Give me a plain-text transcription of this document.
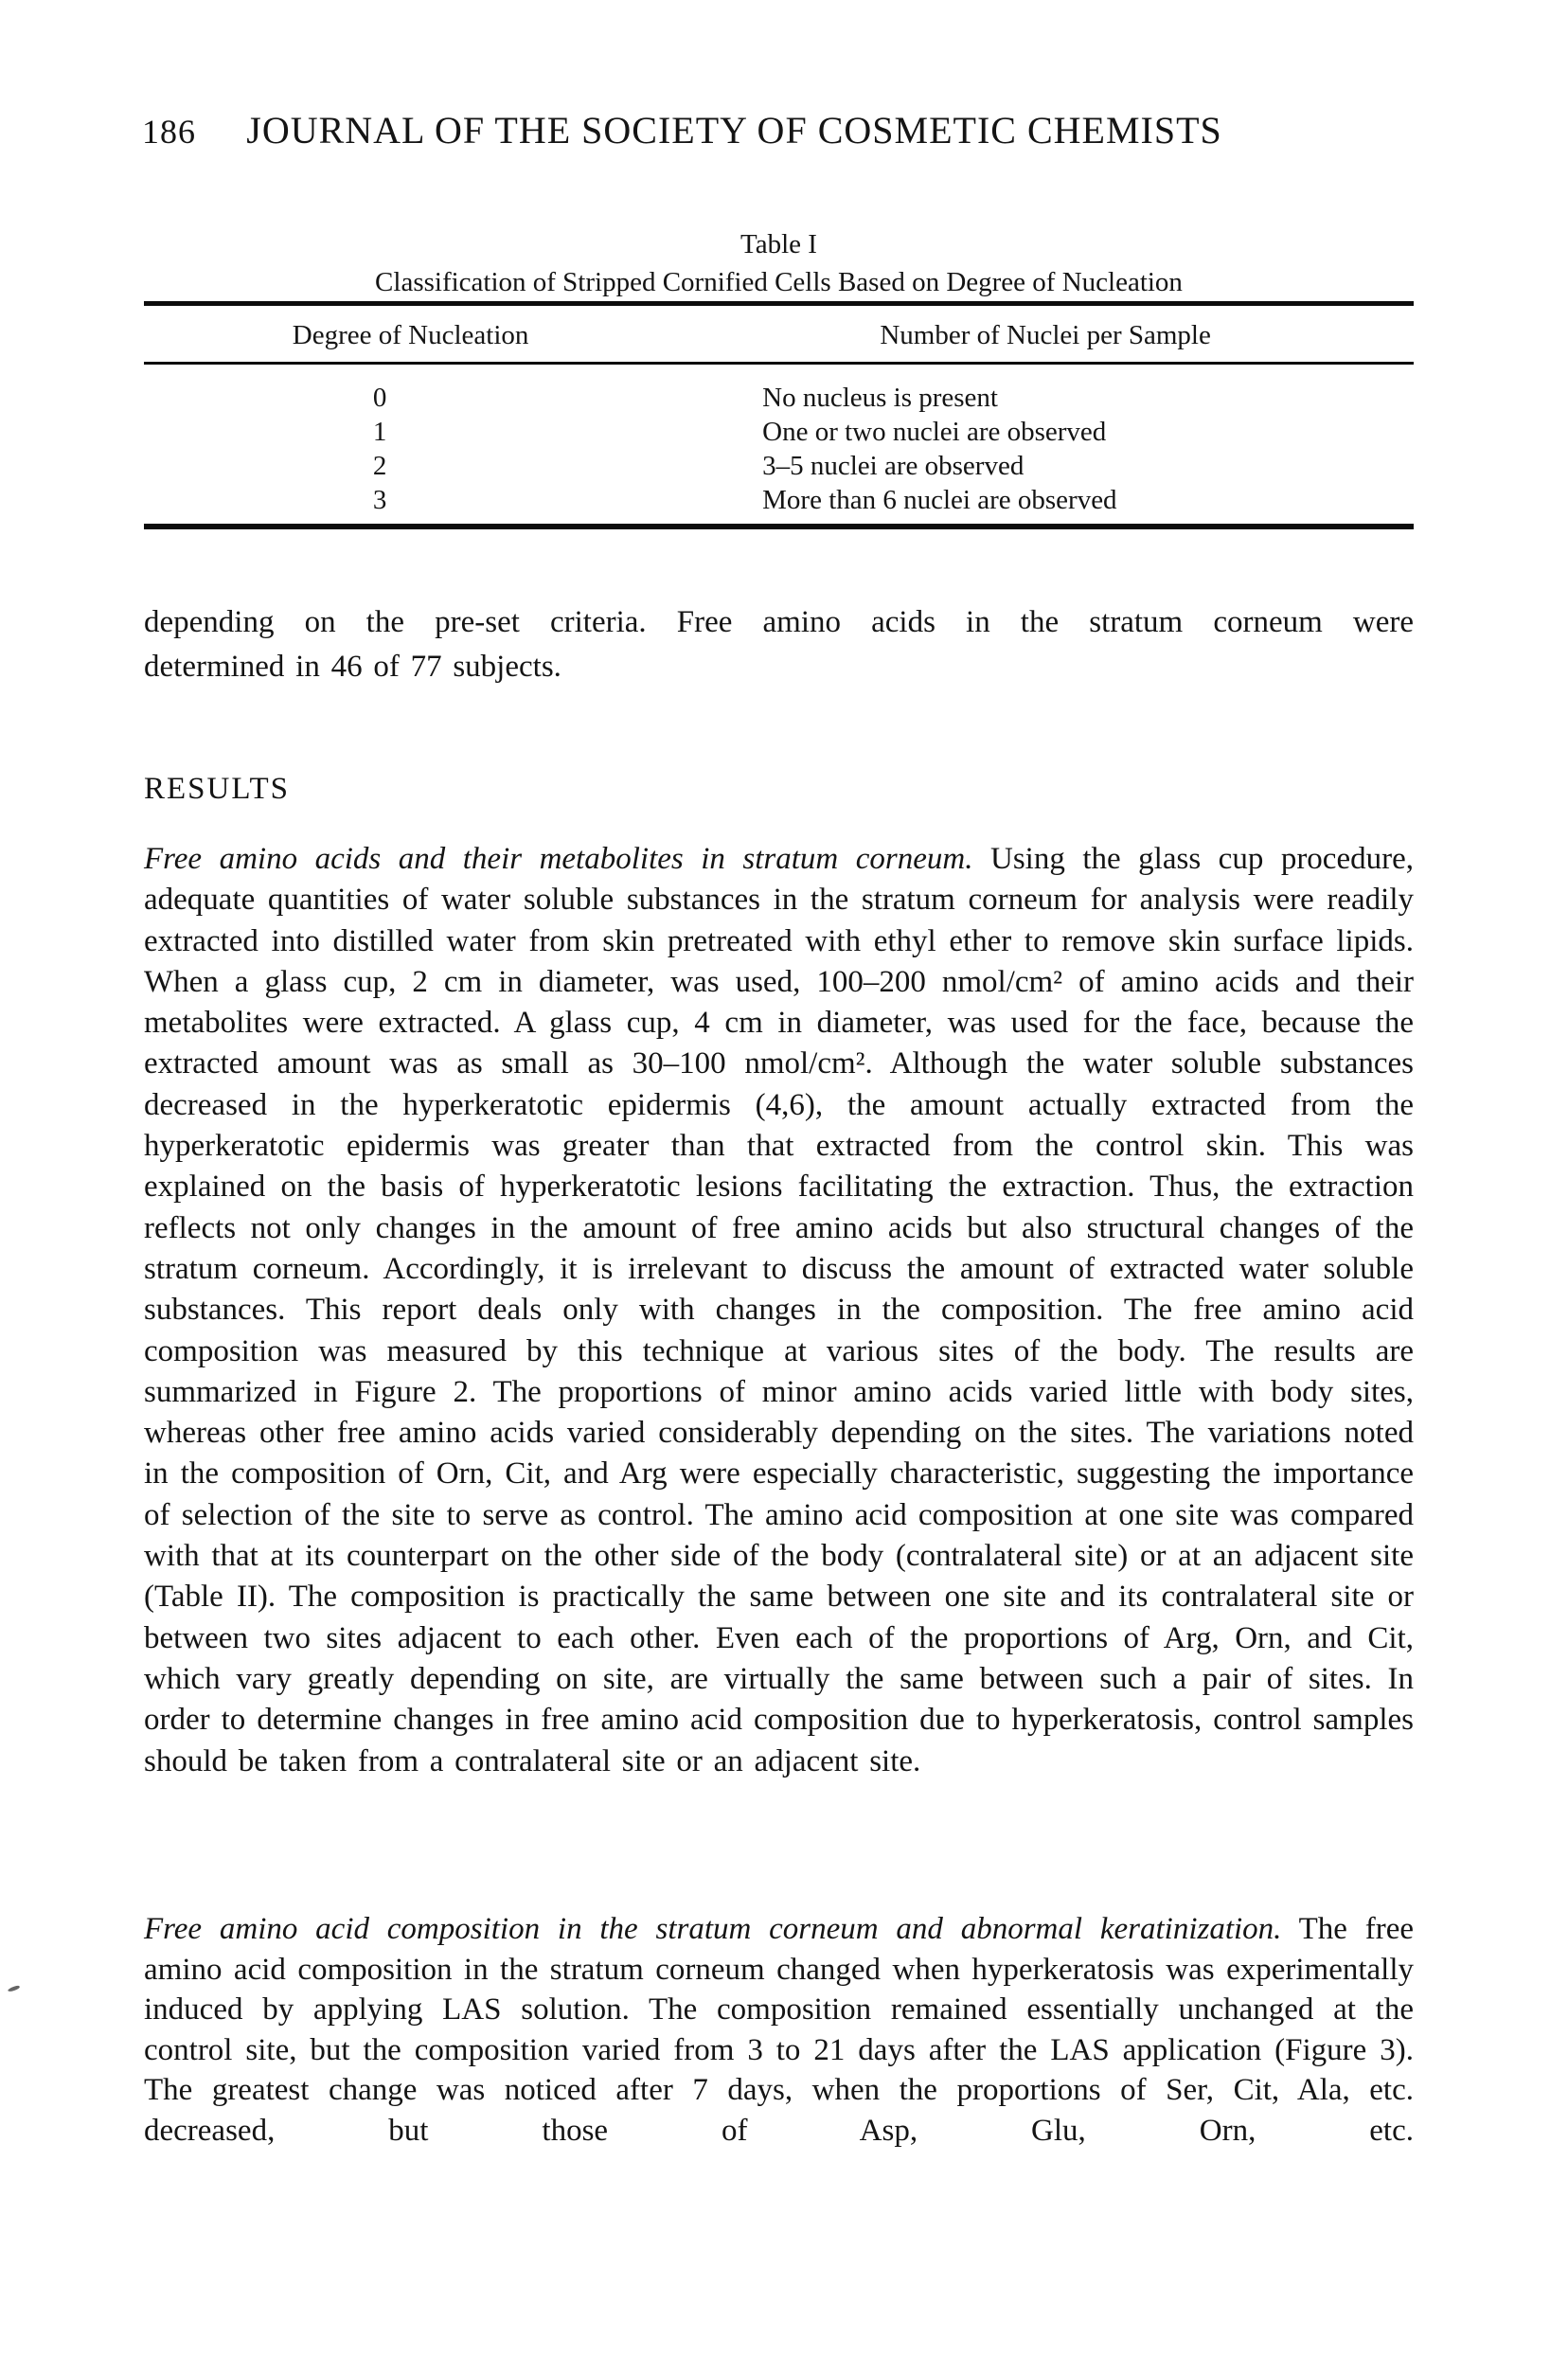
186	JOURNAL OF THE SOCIETY OF COSMETIC CHEMISTS
Table I
Classification of Stripped Cornified Cells Based on Degree of Nucleation
Degree of Nucleation	Number of Nuclei per Sample
0	No nucleus is present
1	One or two nuclei are observed
2	3–5 nuclei are observed
3	More than 6 nuclei are observed
depending on the pre-set criteria. Free amino acids in the stratum corneum were
determined in 46 of 77 subjects.
RESULTS

Free amino acids and their metabolites in stratum corneum. Using the glass cup procedure, adequate quantities of water soluble substances in the stratum corneum for analysis were readily extracted into distilled water from skin pretreated with ethyl ether to remove skin surface lipids. When a glass cup, 2 cm in diameter, was used, 100–200 nmol/cm² of amino acids and their metabolites were extracted. A glass cup, 4 cm in diameter, was used for the face, because the extracted amount was as small as 30–100 nmol/cm². Although the water soluble substances decreased in the hyperkeratotic epidermis (4,6), the amount actually extracted from the hyperkeratotic epidermis was greater than that extracted from the control skin. This was explained on the basis of hyperkeratotic lesions facilitating the extraction. Thus, the extraction reflects not only changes in the amount of free amino acids but also structural changes of the stratum corneum. Accordingly, it is irrelevant to discuss the amount of extracted water soluble substances. This report deals only with changes in the composition. The free amino acid composition was measured by this technique at various sites of the body. The results are summarized in Figure 2. The proportions of minor amino acids varied little with body sites, whereas other free amino acids varied considerably depending on the sites. The variations noted in the composition of Orn, Cit, and Arg were especially characteristic, suggesting the importance of selection of the site to serve as control. The amino acid composition at one site was compared with that at its counterpart on the other side of the body (contralateral site) or at an adjacent site (Table II). The composition is practically the same between one site and its contralateral site or between two sites adjacent to each other. Even each of the proportions of Arg, Orn, and Cit, which vary greatly depending on site, are virtually the same between such a pair of sites. In order to determine changes in free amino acid composition due to hyperkeratosis, control samples should be taken from a contralateral site or an adjacent site.

Free amino acid composition in the stratum corneum and abnormal keratinization. The free amino acid composition in the stratum corneum changed when hyperkeratosis was experimentally induced by applying LAS solution. The composition remained essentially unchanged at the control site, but the composition varied from 3 to 21 days after the LAS application (Figure 3). The greatest change was noticed after 7 days, when the proportions of Ser, Cit, Ala, etc. decreased, but those of Asp, Glu, Orn, etc.
